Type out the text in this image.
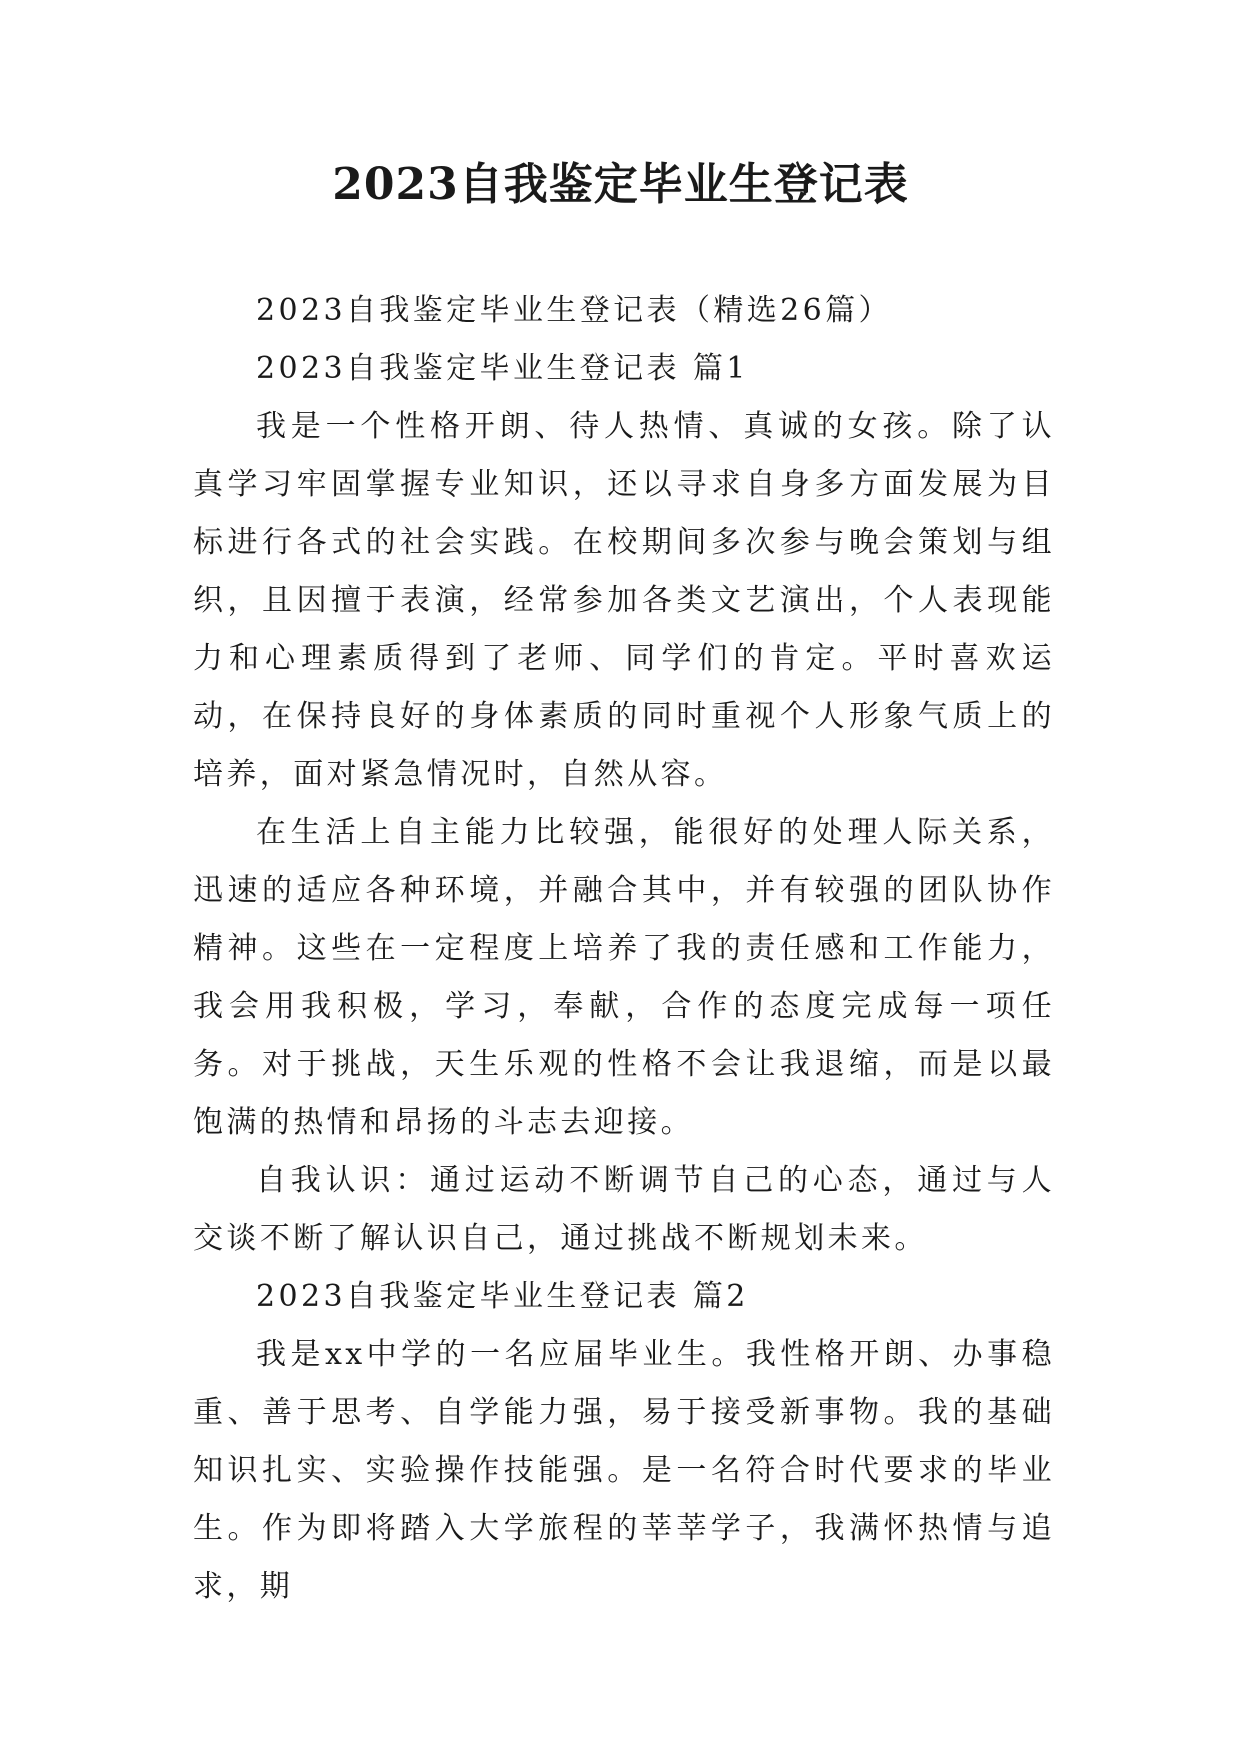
2023自我鉴定毕业生登记表

2023自我鉴定毕业生登记表（精选26篇）

2023自我鉴定毕业生登记表 篇1

我是一个性格开朗、待人热情、真诚的女孩。除了认真学习牢固掌握专业知识，还以寻求自身多方面发展为目标进行各式的社会实践。在校期间多次参与晚会策划与组织，且因擅于表演，经常参加各类文艺演出，个人表现能力和心理素质得到了老师、同学们的肯定。平时喜欢运动，在保持良好的身体素质的同时重视个人形象气质上的培养，面对紧急情况时，自然从容。

在生活上自主能力比较强，能很好的处理人际关系，迅速的适应各种环境，并融合其中，并有较强的团队协作精神。这些在一定程度上培养了我的责任感和工作能力，我会用我积极，学习，奉献，合作的态度完成每一项任务。对于挑战，天生乐观的性格不会让我退缩，而是以最饱满的热情和昂扬的斗志去迎接。

自我认识：通过运动不断调节自己的心态，通过与人交谈不断了解认识自己，通过挑战不断规划未来。

2023自我鉴定毕业生登记表 篇2

我是xx中学的一名应届毕业生。我性格开朗、办事稳重、善于思考、自学能力强，易于接受新事物。我的基础知识扎实、实验操作技能强。是一名符合时代要求的毕业生。作为即将踏入大学旅程的莘莘学子，我满怀热情与追求，期
